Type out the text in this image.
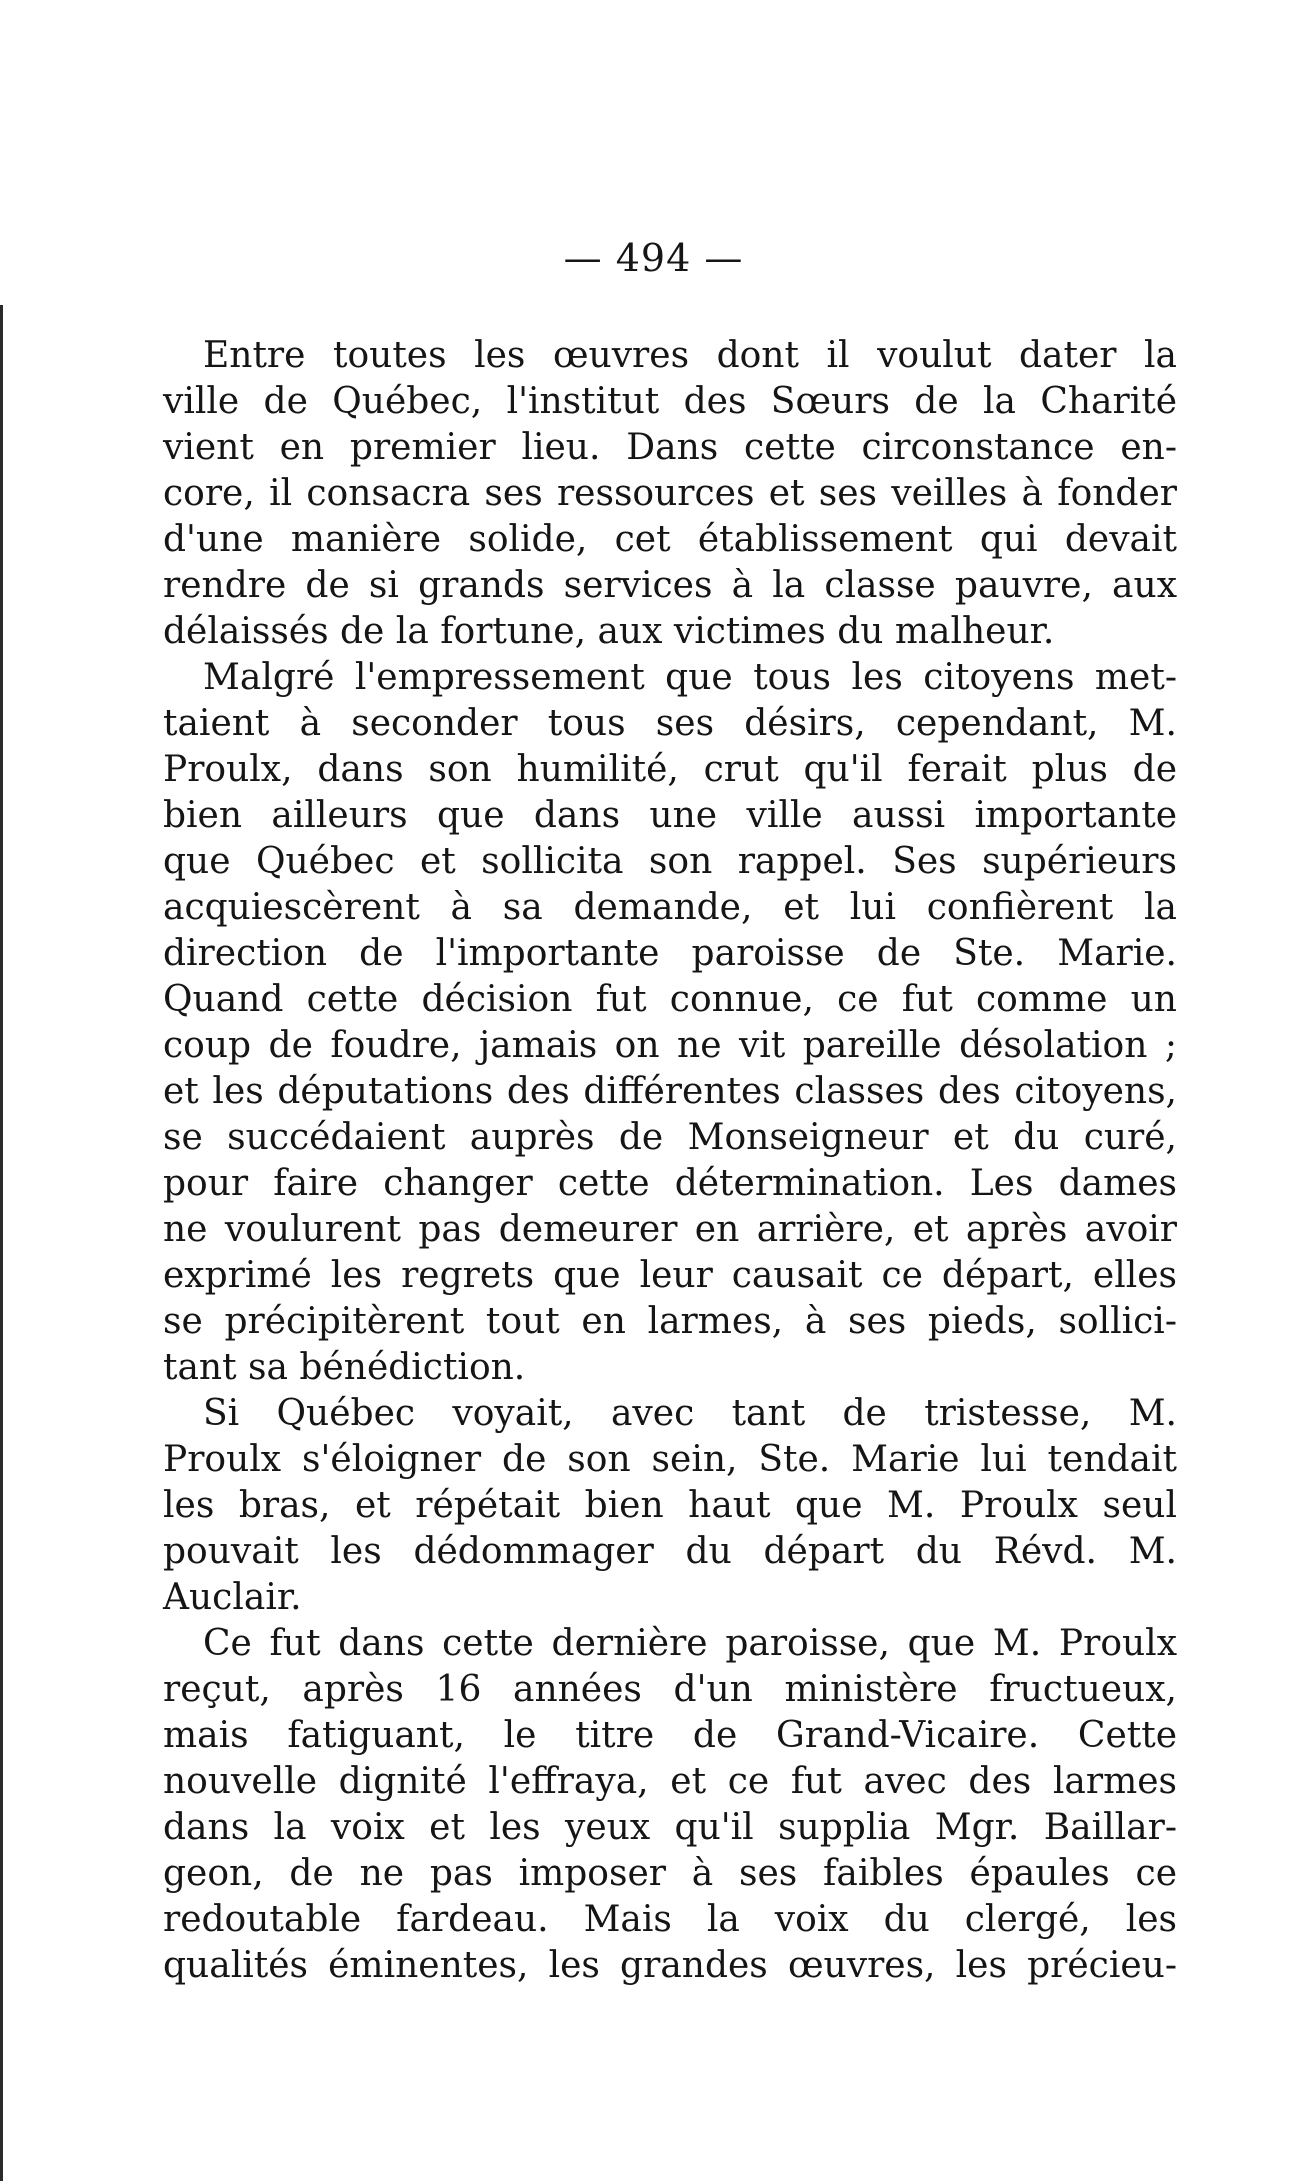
— 494 —
Entre toutes les œuvres dont il voulut dater la
ville de Québec, l'institut des Sœurs de la Charité
vient en premier lieu. Dans cette circonstance en-
core, il consacra ses ressources et ses veilles à fonder
d'une manière solide, cet établissement qui devait
rendre de si grands services à la classe pauvre, aux
délaissés de la fortune, aux victimes du malheur.
Malgré l'empressement que tous les citoyens met-
taient à seconder tous ses désirs, cependant, M.
Proulx, dans son humilité, crut qu'il ferait plus de
bien ailleurs que dans une ville aussi importante
que Québec et sollicita son rappel. Ses supérieurs
acquiescèrent à sa demande, et lui confièrent la
direction de l'importante paroisse de Ste. Marie.
Quand cette décision fut connue, ce fut comme un
coup de foudre, jamais on ne vit pareille désolation ;
et les députations des différentes classes des citoyens,
se succédaient auprès de Monseigneur et du curé,
pour faire changer cette détermination. Les dames
ne voulurent pas demeurer en arrière, et après avoir
exprimé les regrets que leur causait ce départ, elles
se précipitèrent tout en larmes, à ses pieds, sollici-
tant sa bénédiction.
Si Québec voyait, avec tant de tristesse, M.
Proulx s'éloigner de son sein, Ste. Marie lui tendait
les bras, et répétait bien haut que M. Proulx seul
pouvait les dédommager du départ du Révd. M.
Auclair.
Ce fut dans cette dernière paroisse, que M. Proulx
reçut, après 16 années d'un ministère fructueux,
mais fatiguant, le titre de Grand-Vicaire. Cette
nouvelle dignité l'effraya, et ce fut avec des larmes
dans la voix et les yeux qu'il supplia Mgr. Baillar-
geon, de ne pas imposer à ses faibles épaules ce
redoutable fardeau. Mais la voix du clergé, les
qualités éminentes, les grandes œuvres, les précieu-
